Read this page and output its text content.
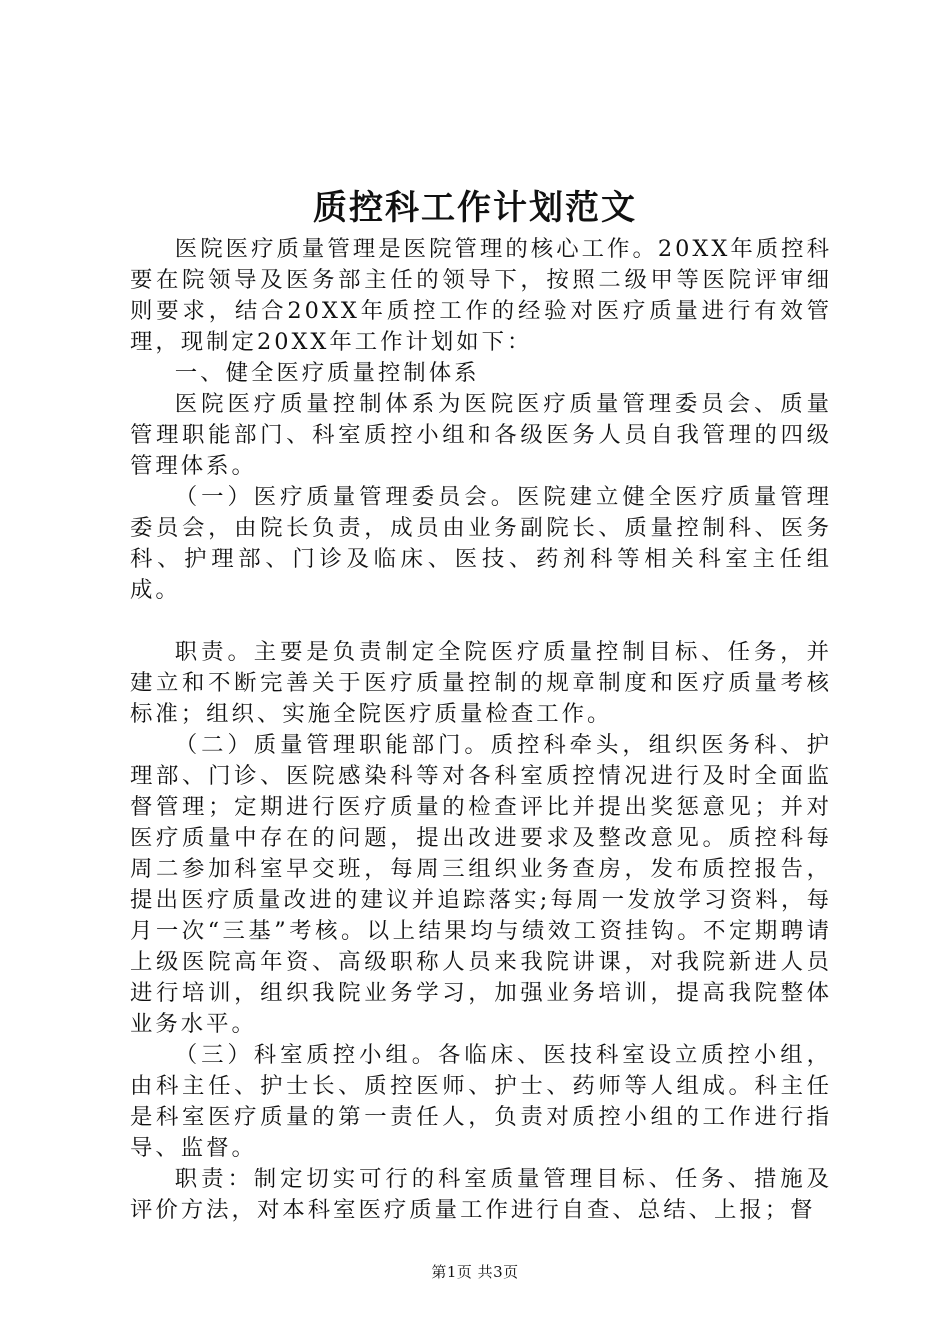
质控科工作计划范文

医院医疗质量管理是医院管理的核心工作。20XX年质控科要在院领导及医务部主任的领导下，按照二级甲等医院评审细则要求，结合20XX年质控工作的经验对医疗质量进行有效管理，现制定20XX年工作计划如下：

一、健全医疗质量控制体系

医院医疗质量控制体系为医院医疗质量管理委员会、质量管理职能部门、科室质控小组和各级医务人员自我管理的四级管理体系。

（一）医疗质量管理委员会。医院建立健全医疗质量管理委员会，由院长负责，成员由业务副院长、质量控制科、医务科、护理部、门诊及临床、医技、药剂科等相关科室主任组成。

职责。主要是负责制定全院医疗质量控制目标、任务，并建立和不断完善关于医疗质量控制的规章制度和医疗质量考核标准；组织、实施全院医疗质量检查工作。

（二）质量管理职能部门。质控科牵头，组织医务科、护理部、门诊、医院感染科等对各科室质控情况进行及时全面监督管理；定期进行医疗质量的检查评比并提出奖惩意见；并对医疗质量中存在的问题，提出改进要求及整改意见。质控科每周二参加科室早交班，每周三组织业务查房，发布质控报告，提出医疗质量改进的建议并追踪落实;每周一发放学习资料，每月一次“三基”考核。以上结果均与绩效工资挂钩。不定期聘请上级医院高年资、高级职称人员来我院讲课，对我院新进人员进行培训，组织我院业务学习，加强业务培训，提高我院整体业务水平。

（三）科室质控小组。各临床、医技科室设立质控小组，由科主任、护士长、质控医师、护士、药师等人组成。科主任是科室医疗质量的第一责任人，负责对质控小组的工作进行指导、监督。

职责：制定切实可行的科室质量管理目标、任务、措施及评价方法，对本科室医疗质量工作进行自查、总结、上报；督

第1页 共3页
